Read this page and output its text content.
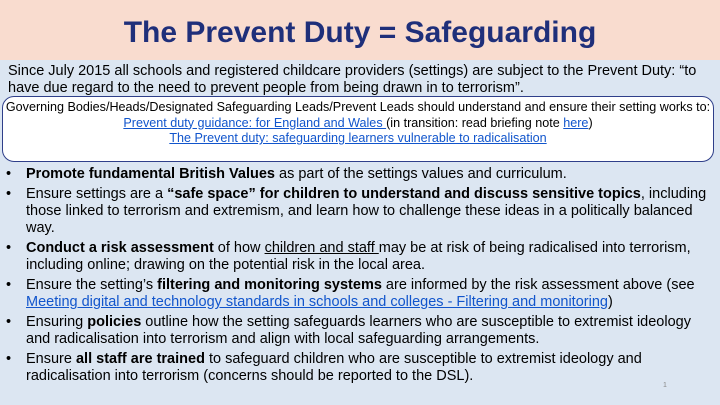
The Prevent Duty = Safeguarding
Since July 2015 all schools and registered childcare providers (settings) are subject to the Prevent Duty: “to have due regard to the need to prevent people from being drawn in to terrorism”.
Governing Bodies/Heads/Designated Safeguarding Leads/Prevent Leads should understand and ensure their setting works to:
Prevent duty guidance: for England and Wales (in transition: read briefing note here)
The Prevent duty: safeguarding learners vulnerable to radicalisation
• Promote fundamental British Values as part of the settings values and curriculum.
• Ensure settings are a “safe space” for children to understand and discuss sensitive topics, including those linked to terrorism and extremism, and learn how to challenge these ideas in a politically balanced way.
• Conduct a risk assessment of how children and staff may be at risk of being radicalised into terrorism, including online; drawing on the potential risk in the local area.
• Ensure the setting’s filtering and monitoring systems are informed by the risk assessment above (see Meeting digital and technology standards in schools and colleges - Filtering and monitoring)
• Ensuring policies outline how the setting safeguards learners who are susceptible to extremist ideology and radicalisation into terrorism and align with local safeguarding arrangements.
• Ensure all staff are trained to safeguard children who are susceptible to extremist ideology and radicalisation into terrorism (concerns should be reported to the DSL).
1
